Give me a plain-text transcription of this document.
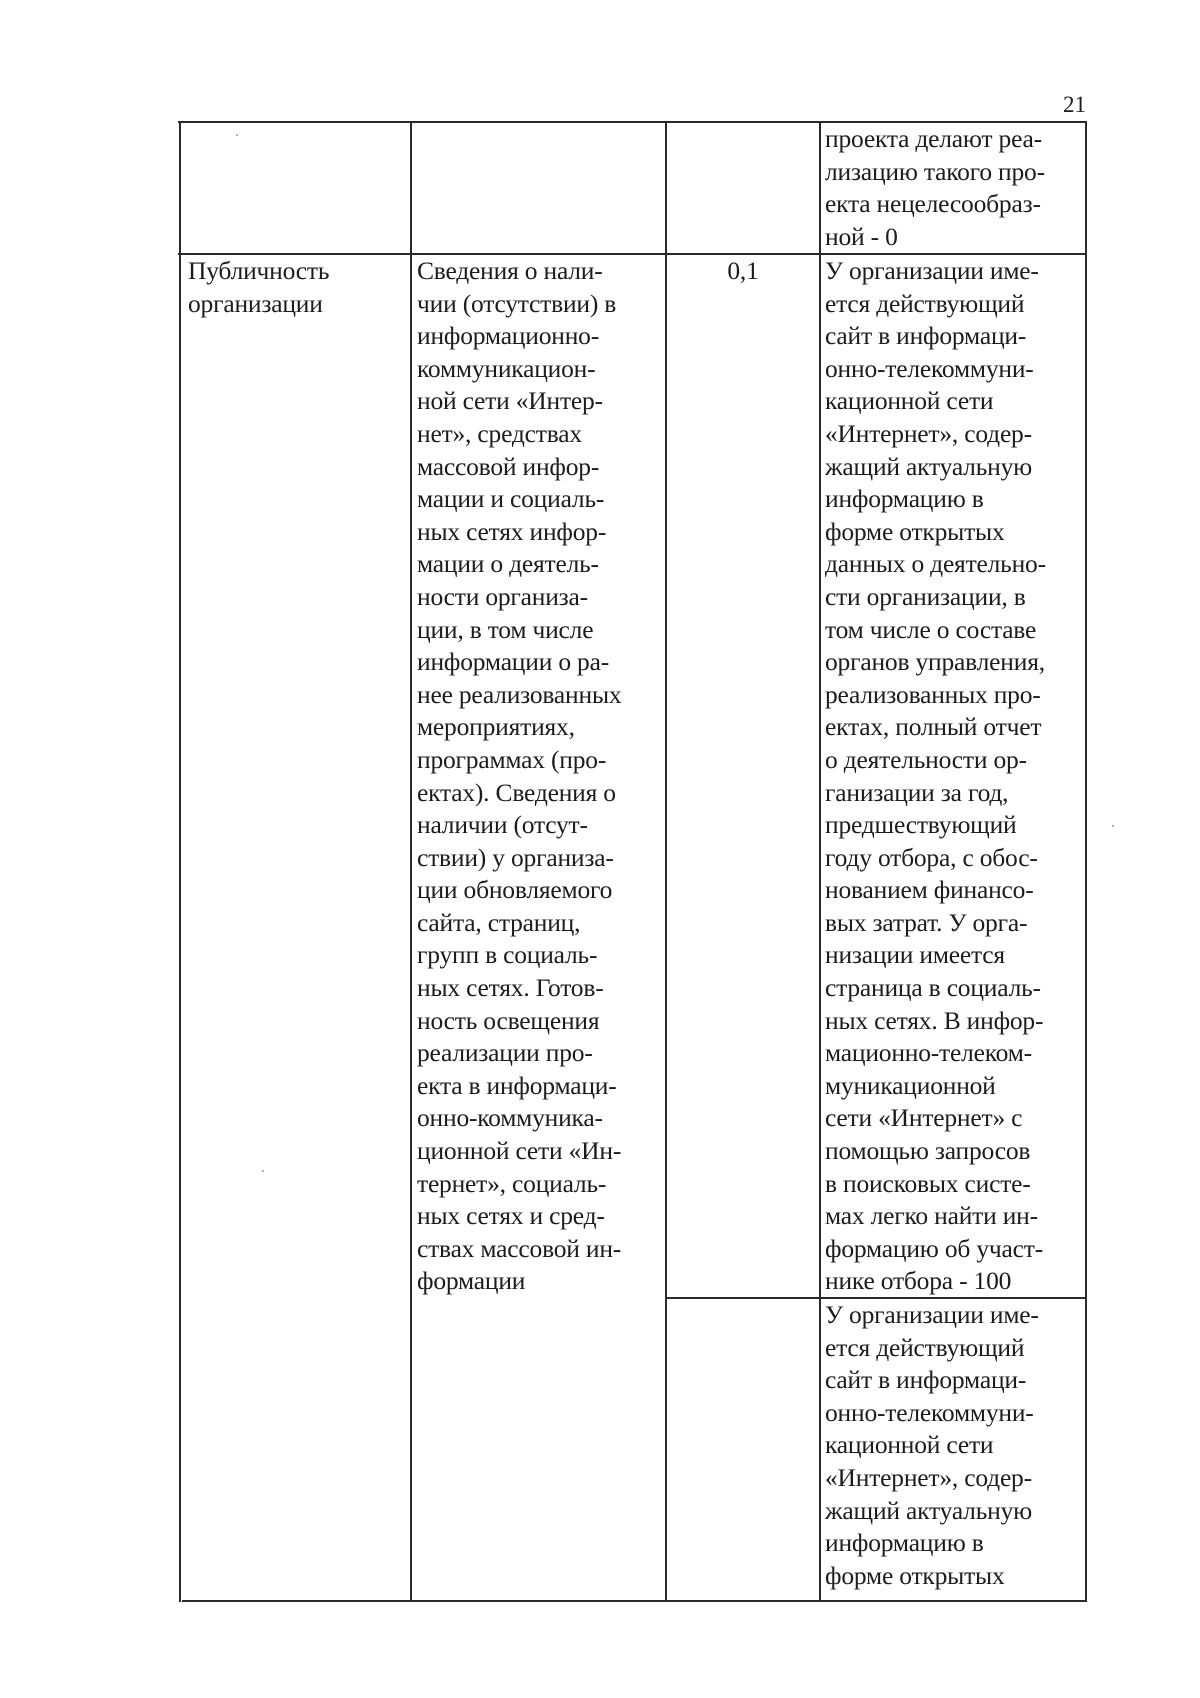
21
проекта делают реа-
лизацию такого про-
екта нецелесообраз-
ной - 0
Публичность
организации
Сведения о нали-
чии (отсутствии) в
информационно-
коммуникацион-
ной сети «Интер-
нет», средствах
массовой инфор-
мации и социаль-
ных сетях инфор-
мации о деятель-
ности организа-
ции, в том числе
информации о ра-
нее реализованных
мероприятиях,
программах (про-
ектах). Сведения о
наличии (отсут-
ствии) у организа-
ции обновляемого
сайта, страниц,
групп в социаль-
ных сетях. Готов-
ность освещения
реализации про-
екта в информаци-
онно-коммуника-
ционной сети «Ин-
тернет», социаль-
ных сетях и сред-
ствах массовой ин-
формации
0,1	У организации име-
ется действующий
сайт в информаци-
онно-телекоммуни-
кационной сети
«Интернет», содер-
жащий актуальную
информацию в
форме открытых
данных о деятельно-
сти организации, в
том числе о составе
органов управления,
реализованных про-
ектах, полный отчет
о деятельности ор-
ганизации за год,
предшествующий
году отбора, с обос-
нованием финансо-
вых затрат. У орга-
низации имеется
страница в социаль-
ных сетях. В инфор-
мационно-телеком-
муникационной
сети «Интернет» с
помощью запросов
в поисковых систе-
мах легко найти ин-
формацию об участ-
нике отбора - 100
У организации име-
ется действующий
сайт в информаци-
онно-телекоммуни-
кационной сети
«Интернет», содер-
жащий актуальную
информацию в
форме открытых
